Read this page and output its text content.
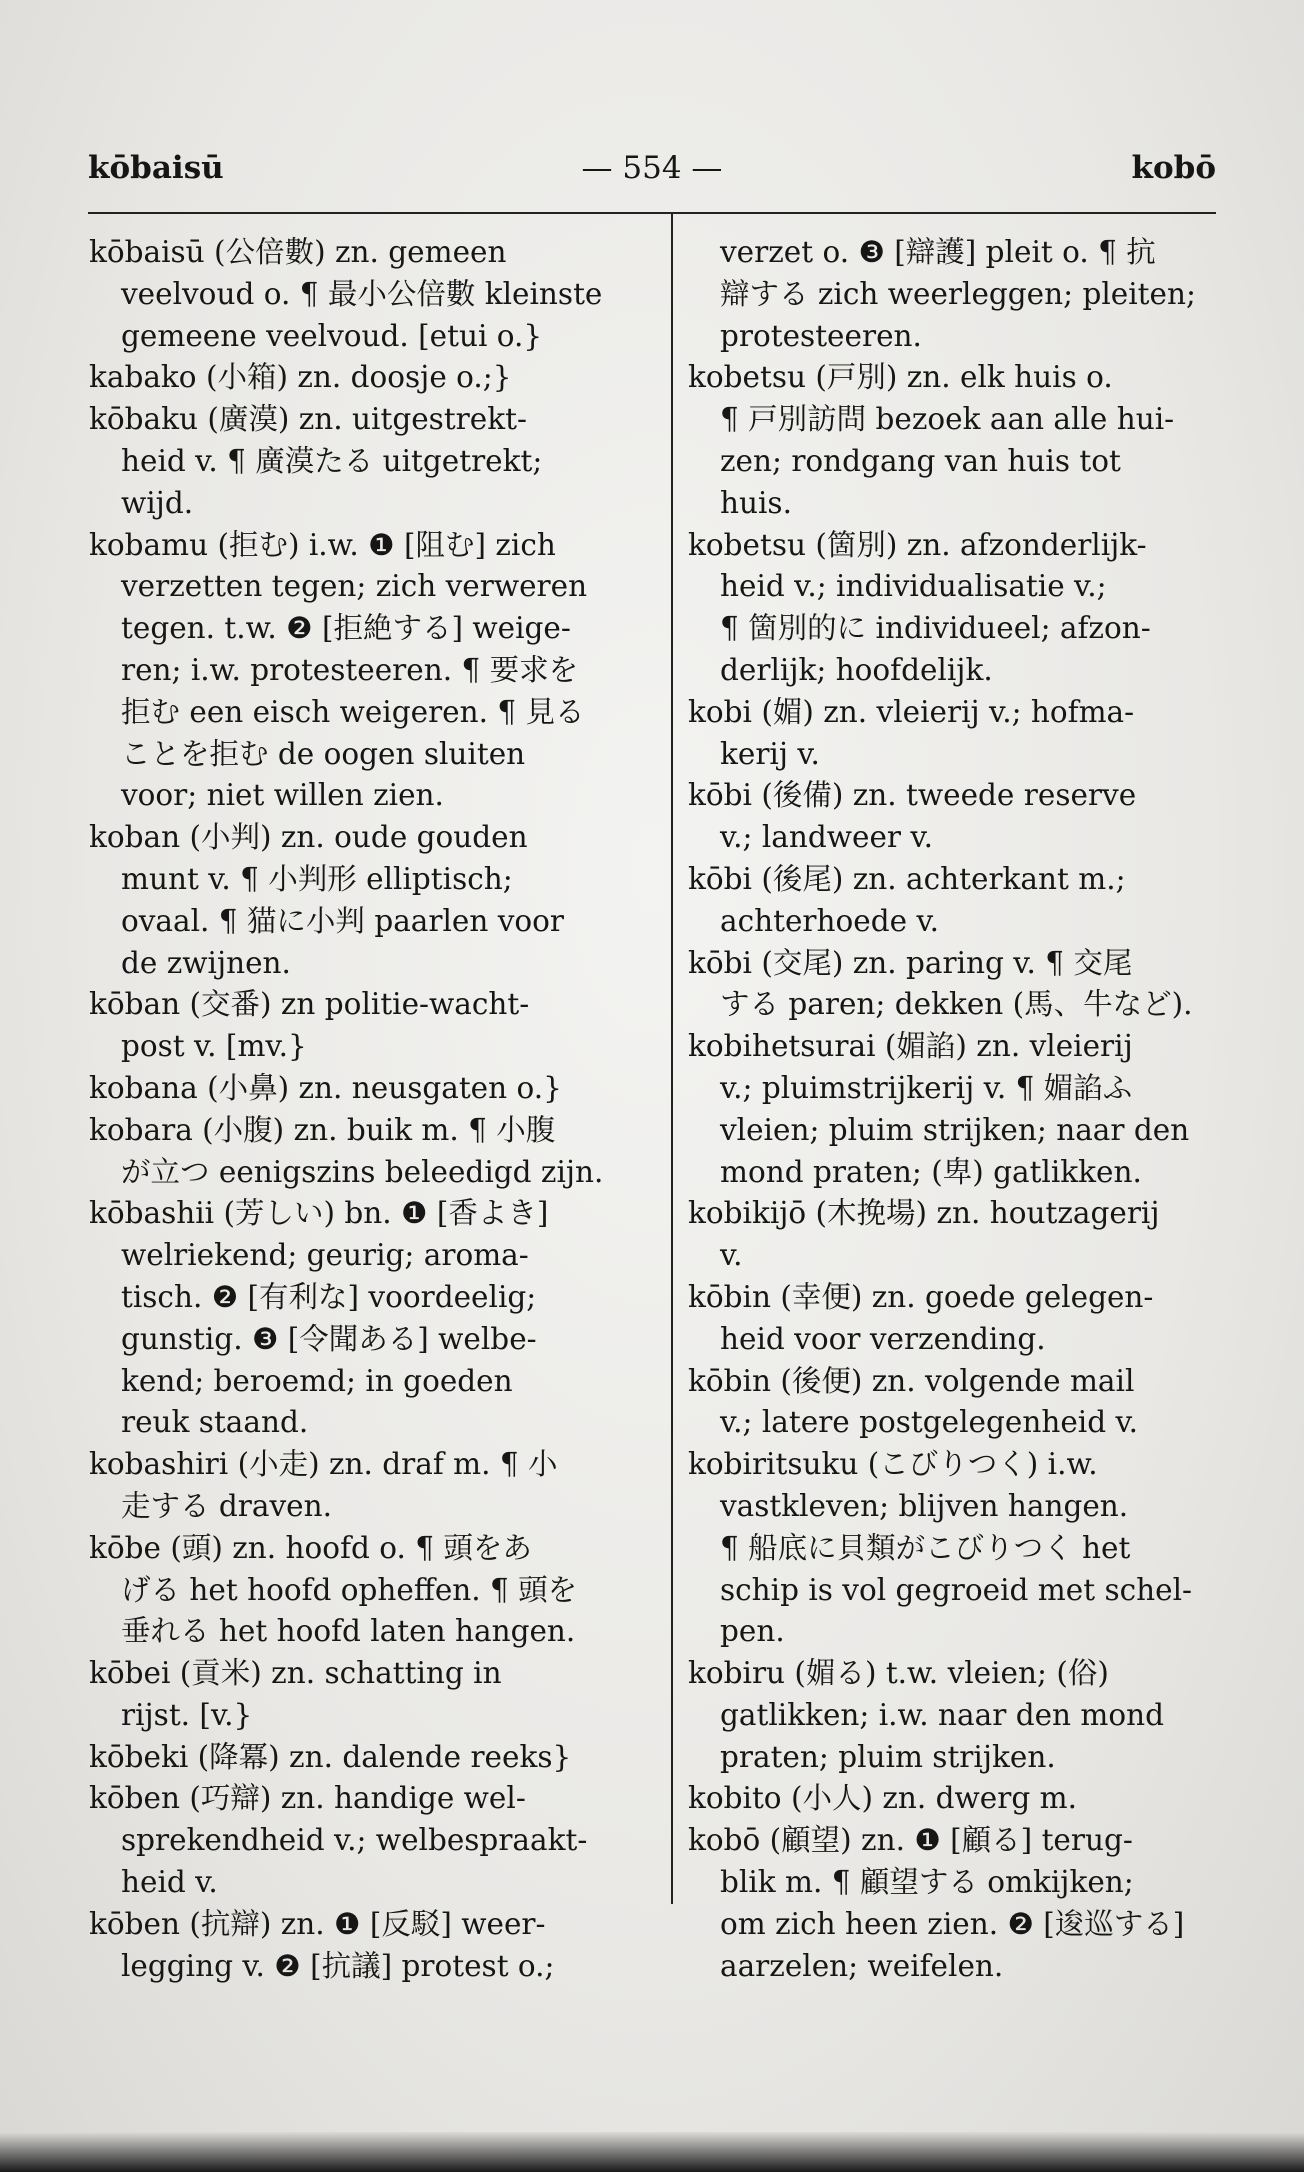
kōbaisū	— 554 —	kobō
kōbaisū (公倍數) zn. gemeen
veelvoud o. ¶ 最小公倍數 kleinste
gemeene veelvoud. [etui o.}
kabako (小箱) zn. doosje o.;}
kōbaku (廣漠) zn. uitgestrekt-
heid v. ¶ 廣漠たる uitgetrekt;
wijd.
kobamu (拒む) i.w. ❶ [阻む] zich
verzetten tegen; zich verweren
tegen. t.w. ❷ [拒絶する] weige-
ren; i.w. protesteeren. ¶ 要求を
拒む een eisch weigeren. ¶ 見る
ことを拒む de oogen sluiten
voor; niet willen zien.
koban (小判) zn. oude gouden
munt v. ¶ 小判形 elliptisch;
ovaal. ¶ 猫に小判 paarlen voor
de zwijnen.
kōban (交番) zn politie-wacht-
post v. [mv.}
kobana (小鼻) zn. neusgaten o.}
kobara (小腹) zn. buik m. ¶ 小腹
が立つ eenigszins beleedigd zijn.
kōbashii (芳しい) bn. ❶ [香よき]
welriekend; geurig; aroma-
tisch. ❷ [有利な] voordeelig;
gunstig. ❸ [令聞ある] welbe-
kend; beroemd; in goeden
reuk staand.
kobashiri (小走) zn. draf m. ¶ 小
走する draven.
kōbe (頭) zn. hoofd o. ¶ 頭をあ
げる het hoofd opheffen. ¶ 頭を
垂れる het hoofd laten hangen.
kōbei (貢米) zn. schatting in
rijst. [v.}
kōbeki (降冪) zn. dalende reeks}
kōben (巧辯) zn. handige wel-
sprekendheid v.; welbespraakt-
heid v.
kōben (抗辯) zn. ❶ [反駁] weer-
legging v. ❷ [抗議] protest o.;
verzet o. ❸ [辯護] pleit o. ¶ 抗
辯する zich weerleggen; pleiten;
protesteeren.
kobetsu (戸別) zn. elk huis o.
¶ 戸別訪問 bezoek aan alle hui-
zen; rondgang van huis tot
huis.
kobetsu (箇別) zn. afzonderlijk-
heid v.; individualisatie v.;
¶ 箇別的に individueel; afzon-
derlijk; hoofdelijk.
kobi (媚) zn. vleierij v.; hofma-
kerij v.
kōbi (後備) zn. tweede reserve
v.; landweer v.
kōbi (後尾) zn. achterkant m.;
achterhoede v.
kōbi (交尾) zn. paring v. ¶ 交尾
する paren; dekken (馬、牛など).
kobihetsurai (媚諂) zn. vleierij
v.; pluimstrijkerij v. ¶ 媚諂ふ
vleien; pluim strijken; naar den
mond praten; (卑) gatlikken.
kobikijō (木挽場) zn. houtzagerij
v.
kōbin (幸便) zn. goede gelegen-
heid voor verzending.
kōbin (後便) zn. volgende mail
v.; latere postgelegenheid v.
kobiritsuku (こびりつく) i.w.
vastkleven; blijven hangen.
¶ 船底に貝類がこびりつく het
schip is vol gegroeid met schel-
pen.
kobiru (媚る) t.w. vleien; (俗)
gatlikken; i.w. naar den mond
praten; pluim strijken.
kobito (小人) zn. dwerg m.
kobō (顧望) zn. ❶ [顧る] terug-
blik m. ¶ 顧望する omkijken;
om zich heen zien. ❷ [逡巡する]
aarzelen; weifelen.
